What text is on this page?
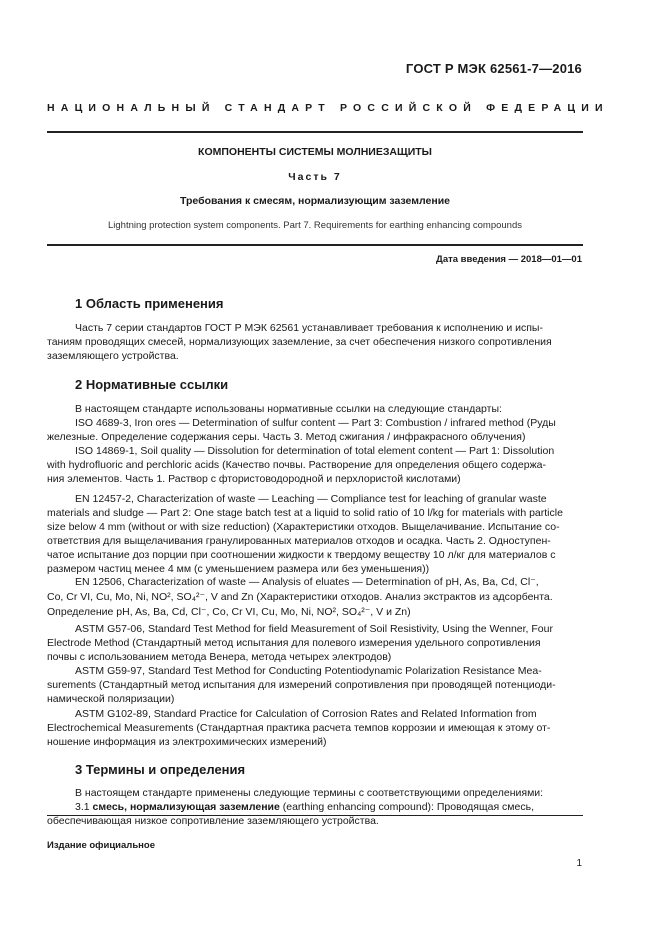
ГОСТ Р МЭК 62561-7—2016
НАЦИОНАЛЬНЫЙ СТАНДАРТ РОССИЙСКОЙ ФЕДЕРАЦИИ
КОМПОНЕНТЫ СИСТЕМЫ МОЛНИЕЗАЩИТЫ
Часть 7
Требования к смесям, нормализующим заземление
Lightning protection system components. Part 7. Requirements for earthing enhancing compounds
Дата введения — 2018—01—01
1 Область применения
Часть 7 серии стандартов ГОСТ Р МЭК 62561 устанавливает требования к исполнению и испы-
таниям проводящих смесей, нормализующих заземление, за счет обеспечения низкого сопротивления
заземляющего устройства.
2 Нормативные ссылки
В настоящем стандарте использованы нормативные ссылки на следующие стандарты:
ISO 4689-3, Iron ores — Determination of sulfur content — Part 3: Combustion / infrared method (Руды
железные. Определение содержания серы. Часть 3. Метод сжигания / инфракрасного облучения)
ISO 14869-1, Soil quality — Dissolution for determination of total element content — Part 1: Dissolution
with hydrofluoric and perchloric acids (Качество почвы. Растворение для определения общего содержа-
ния элементов. Часть 1. Раствор с фтористоводородной и перхлористой кислотами)
EN 12457-2, Characterization of waste — Leaching — Compliance test for leaching of granular waste
materials and sludge — Part 2: One stage batch test at a liquid to solid ratio of 10 l/kg for materials with particle
size below 4 mm (without or with size reduction) (Характеристики отходов. Выщелачивание. Испытание со-
ответствия для выщелачивания гранулированных материалов отходов и осадка. Часть 2. Одноступен-
чатое испытание доз порции при соотношении жидкости к твердому веществу 10 л/кг для материалов с
размером частиц менее 4 мм (с уменьшением размера или без уменьшения))
EN 12506, Characterization of waste — Analysis of eluates — Determination of pH, As, Ba, Cd, Cl⁻,
Co, Cr VI, Cu, Mo, Ni, NO², SO₄²⁻, V and Zn (Характеристики отходов. Анализ экстрактов из адсорбента.
Определение pH, As, Ba, Cd, Cl⁻, Co, Cr VI, Cu, Mo, Ni, NO², SO₄²⁻, V и Zn)
ASTM G57-06, Standard Test Method for field Measurement of Soil Resistivity, Using the Wenner, Four
Electrode Method (Стандартный метод испытания для полевого измерения удельного сопротивления
почвы с использованием метода Венера, метода четырех электродов)
ASTM G59-97, Standard Test Method for Conducting Potentiodynamic Polarization Resistance Mea-
surements (Стандартный метод испытания для измерений сопротивления при проводящей потенциоди-
намической поляризации)
ASTM G102-89, Standard Practice for Calculation of Corrosion Rates and Related Information from
Electrochemical Measurements (Стандартная практика расчета темпов коррозии и имеющая к этому от-
ношение информация из электрохимических измерений)
3 Термины и определения
В настоящем стандарте применены следующие термины с соответствующими определениями:
3.1 смесь, нормализующая заземление (earthing enhancing compound): Проводящая смесь,
обеспечивающая низкое сопротивление заземляющего устройства.
Издание официальное
1
